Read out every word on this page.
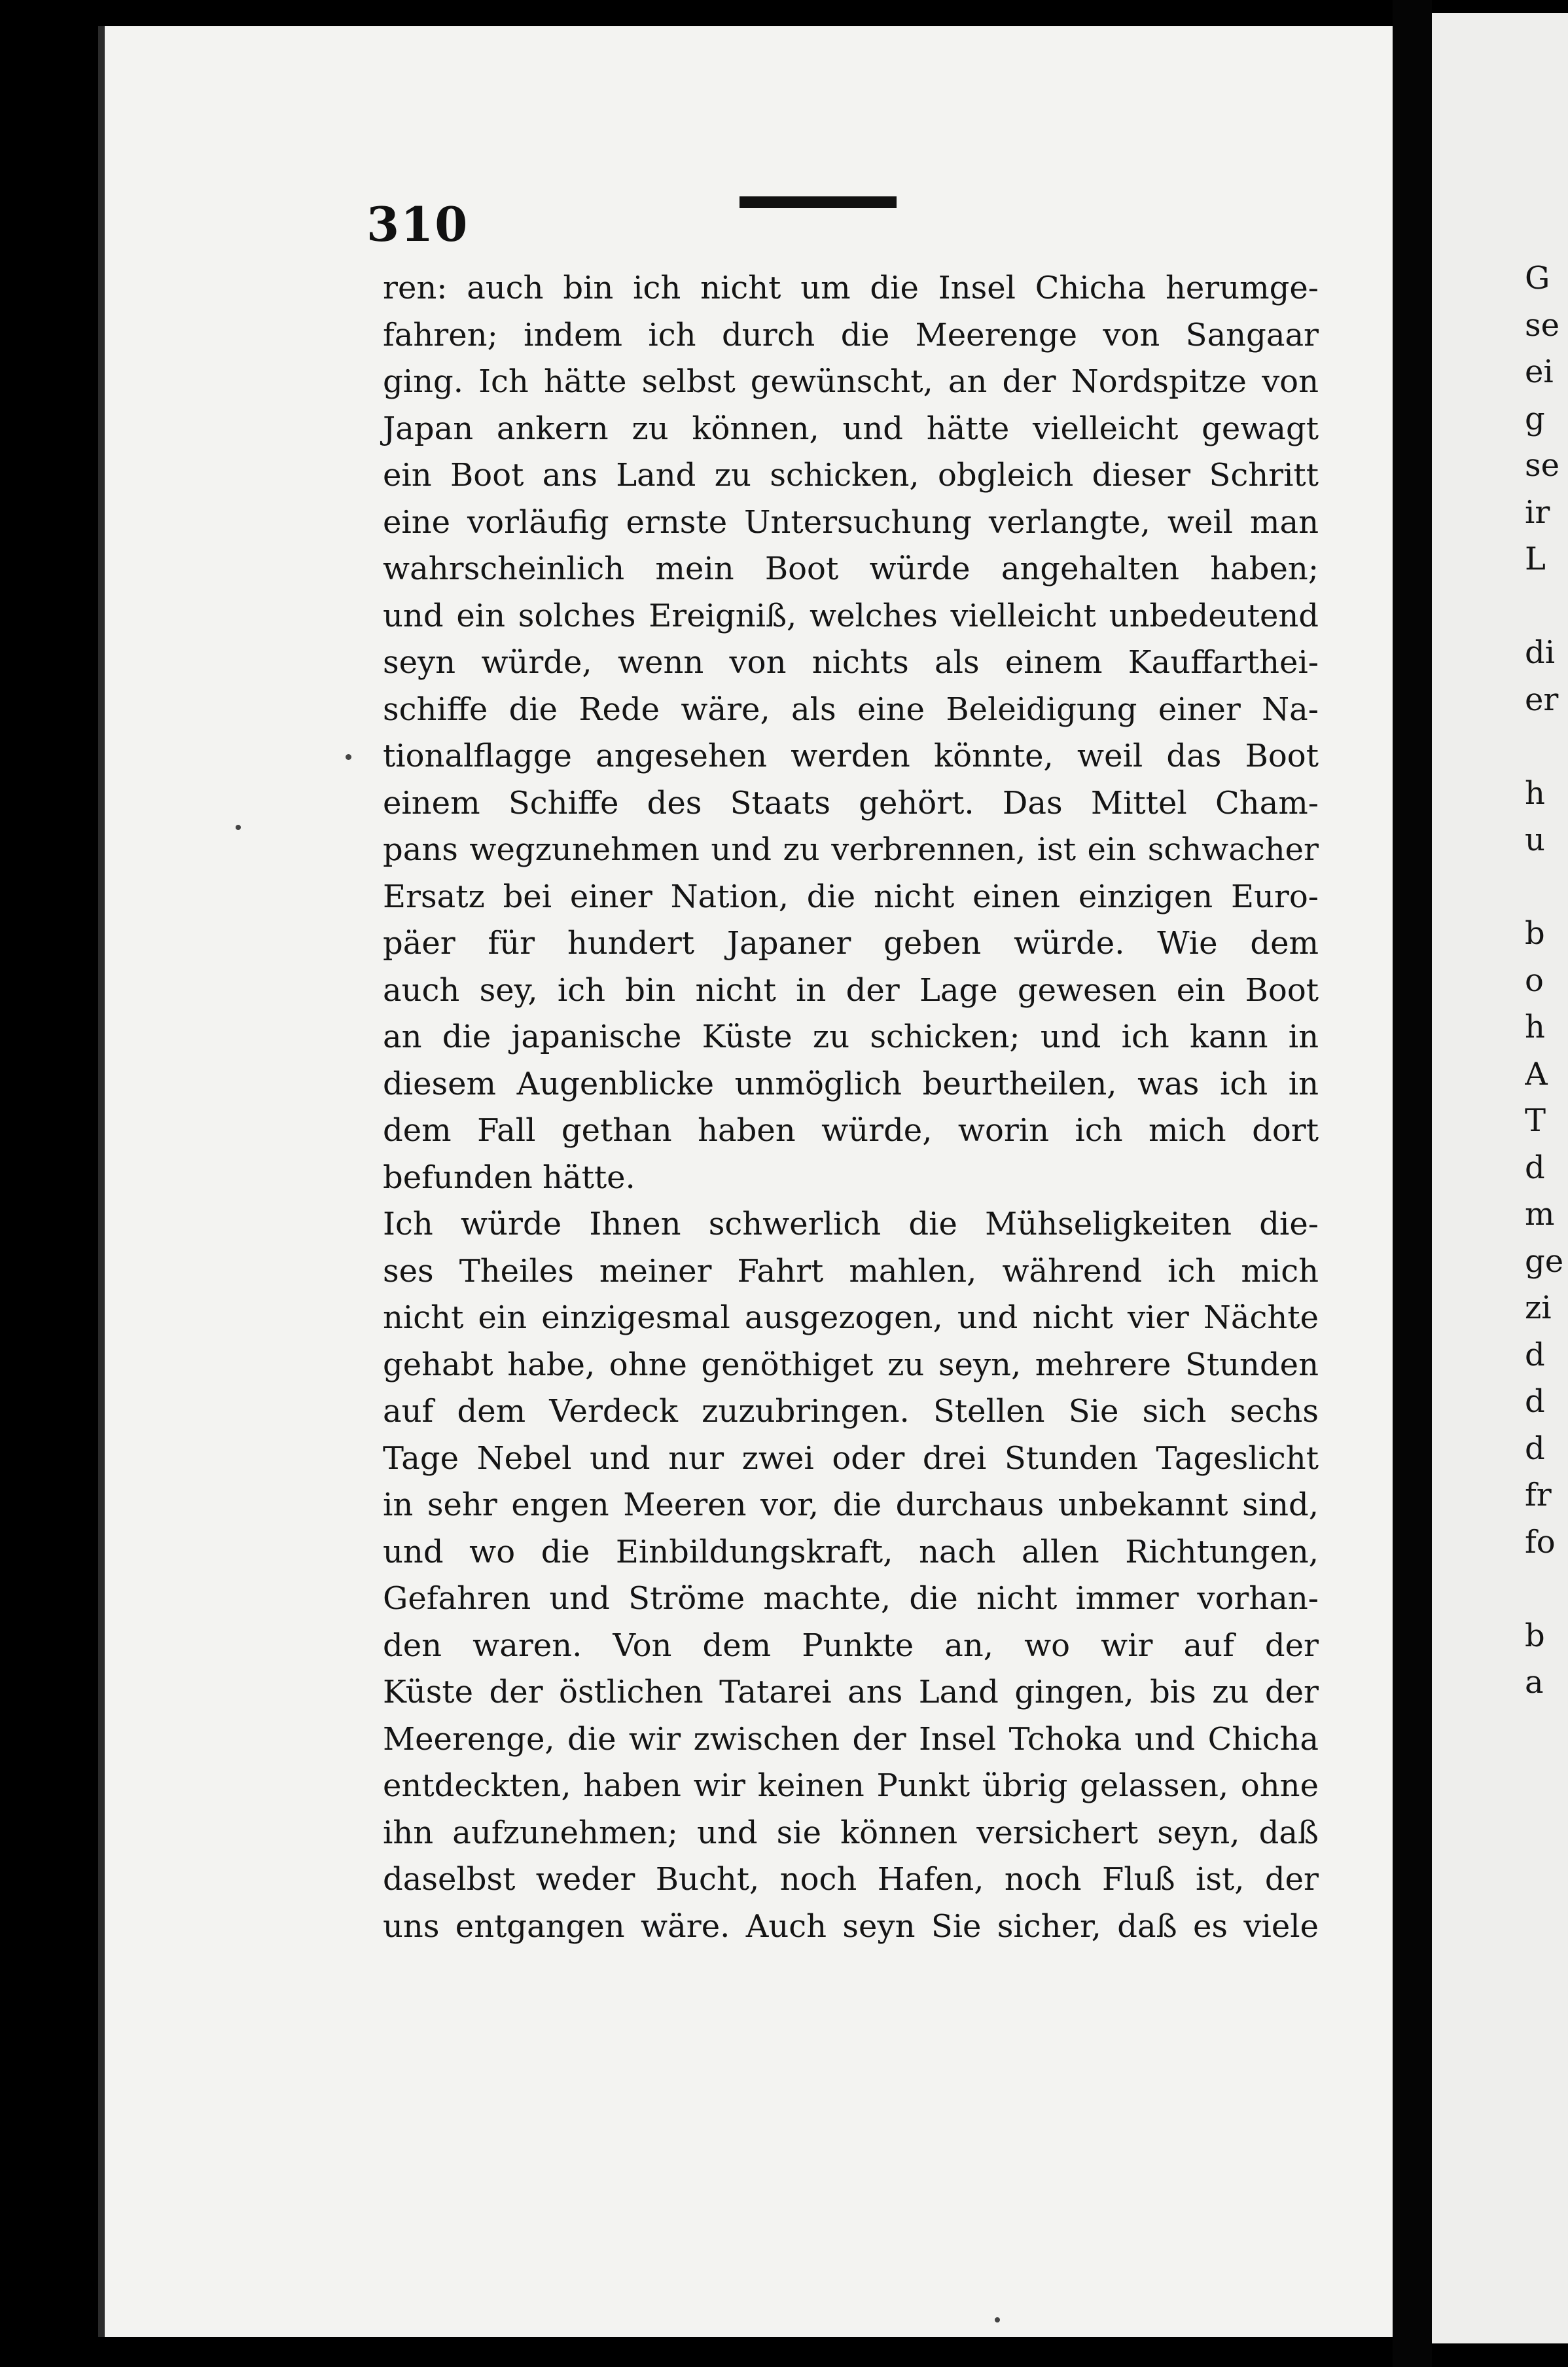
310
ren: auch bin ich nicht um die Insel Chicha herumge-
fahren; indem ich durch die Meerenge von Sangaar
ging. Ich hätte selbst gewünscht, an der Nordspitze von
Japan ankern zu können, und hätte vielleicht gewagt
ein Boot ans Land zu schicken, obgleich dieser Schritt
eine vorläufig ernste Untersuchung verlangte, weil man
wahrscheinlich mein Boot würde angehalten haben;
und ein solches Ereigniß, welches vielleicht unbedeutend
seyn würde, wenn von nichts als einem Kauffarthei-
schiffe die Rede wäre, als eine Beleidigung einer Na-
tionalflagge angesehen werden könnte, weil das Boot
einem Schiffe des Staats gehört. Das Mittel Cham-
pans wegzunehmen und zu verbrennen, ist ein schwacher
Ersatz bei einer Nation, die nicht einen einzigen Euro-
päer für hundert Japaner geben würde. Wie dem
auch sey, ich bin nicht in der Lage gewesen ein Boot
an die japanische Küste zu schicken; und ich kann in
diesem Augenblicke unmöglich beurtheilen, was ich in
dem Fall gethan haben würde, worin ich mich dort
befunden hätte.
Ich würde Ihnen schwerlich die Mühseligkeiten die-
ses Theiles meiner Fahrt mahlen, während ich mich
nicht ein einzigesmal ausgezogen, und nicht vier Nächte
gehabt habe, ohne genöthiget zu seyn, mehrere Stunden
auf dem Verdeck zuzubringen. Stellen Sie sich sechs
Tage Nebel und nur zwei oder drei Stunden Tageslicht
in sehr engen Meeren vor, die durchaus unbekannt sind,
und wo die Einbildungskraft, nach allen Richtungen,
Gefahren und Ströme machte, die nicht immer vorhan-
den waren. Von dem Punkte an, wo wir auf der
Küste der östlichen Tatarei ans Land gingen, bis zu der
Meerenge, die wir zwischen der Insel Tchoka und Chicha
entdeckten, haben wir keinen Punkt übrig gelassen, ohne
ihn aufzunehmen; und sie können versichert seyn, daß
daselbst weder Bucht, noch Hafen, noch Fluß ist, der
uns entgangen wäre. Auch seyn Sie sicher, daß es viele
G
se
ei
g
se
ir
L
di
er
h
u
b
o
h
A
T
d
m
ge
zi
d
d
d
fr
fo
b
a
